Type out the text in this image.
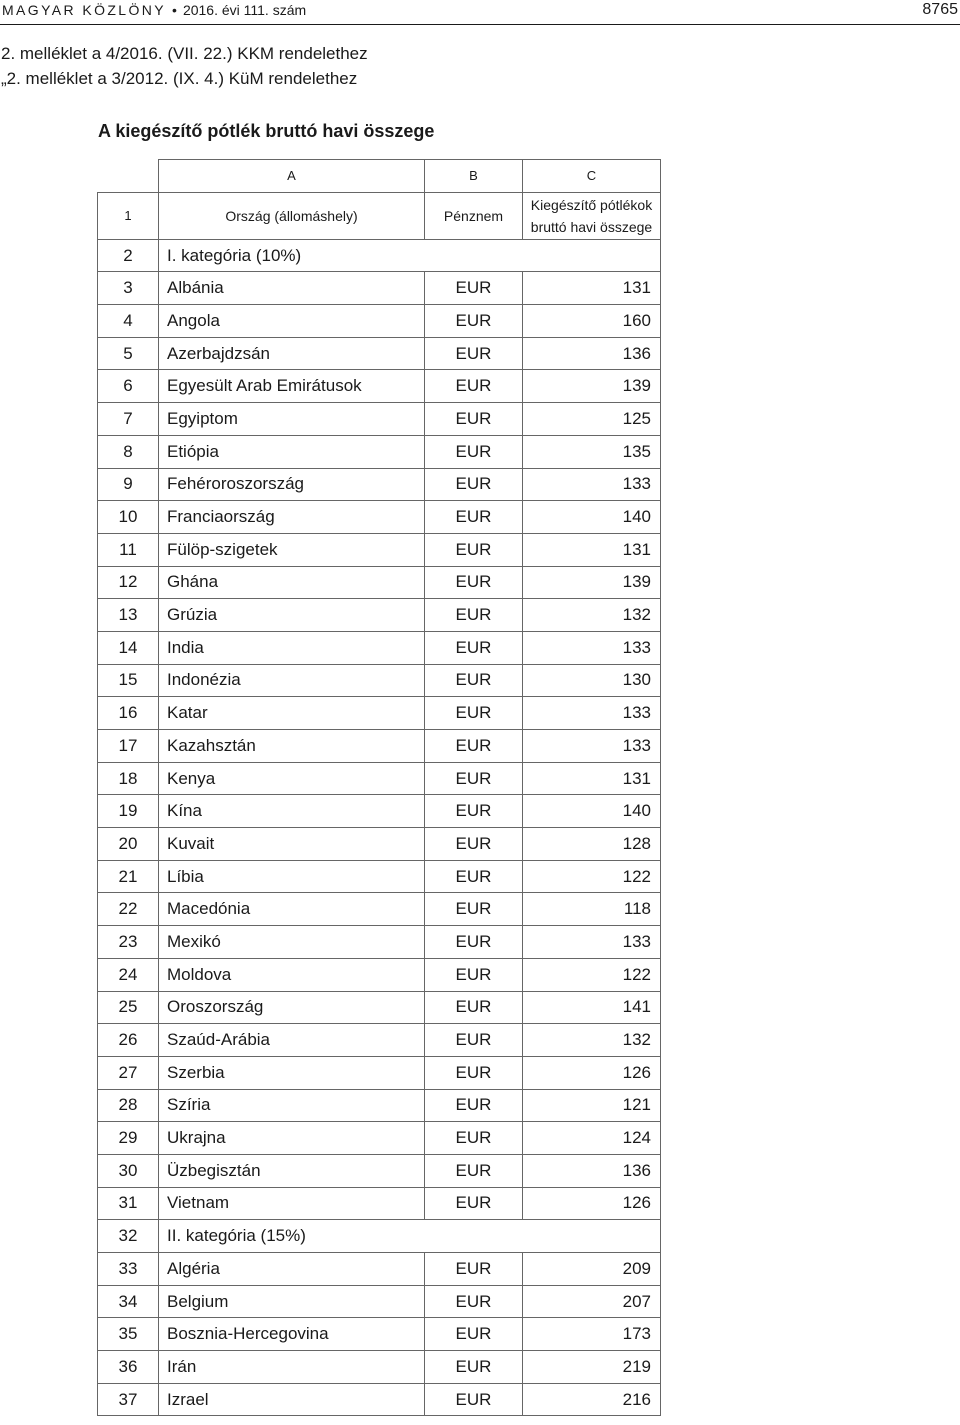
MAGYAR KÖZLÖNY • 2016. évi 111. szám	8765
2. melléklet a 4/2016. (VII. 22.) KKM rendelethez
„2. melléklet a 3/2012. (IX. 4.) KüM rendelethez
A kiegészítő pótlék bruttó havi összege
	A	B	C
1	Ország (állomáshely)	Pénznem	Kiegészítő pótlékok
bruttó havi összege
2	I. kategória (10%)		
3	Albánia	EUR	131
4	Angola	EUR	160
5	Azerbajdzsán	EUR	136
6	Egyesült Arab Emirátusok	EUR	139
7	Egyiptom	EUR	125
8	Etiópia	EUR	135
9	Fehéroroszország	EUR	133
10	Franciaország	EUR	140
11	Fülöp-szigetek	EUR	131
12	Ghána	EUR	139
13	Grúzia	EUR	132
14	India	EUR	133
15	Indonézia	EUR	130
16	Katar	EUR	133
17	Kazahsztán	EUR	133
18	Kenya	EUR	131
19	Kína	EUR	140
20	Kuvait	EUR	128
21	Líbia	EUR	122
22	Macedónia	EUR	118
23	Mexikó	EUR	133
24	Moldova	EUR	122
25	Oroszország	EUR	141
26	Szaúd-Arábia	EUR	132
27	Szerbia	EUR	126
28	Szíria	EUR	121
29	Ukrajna	EUR	124
30	Üzbegisztán	EUR	136
31	Vietnam	EUR	126
32	II. kategória (15%)		
33	Algéria	EUR	209
34	Belgium	EUR	207
35	Bosznia-Hercegovina	EUR	173
36	Irán	EUR	219
37	Izrael	EUR	216
